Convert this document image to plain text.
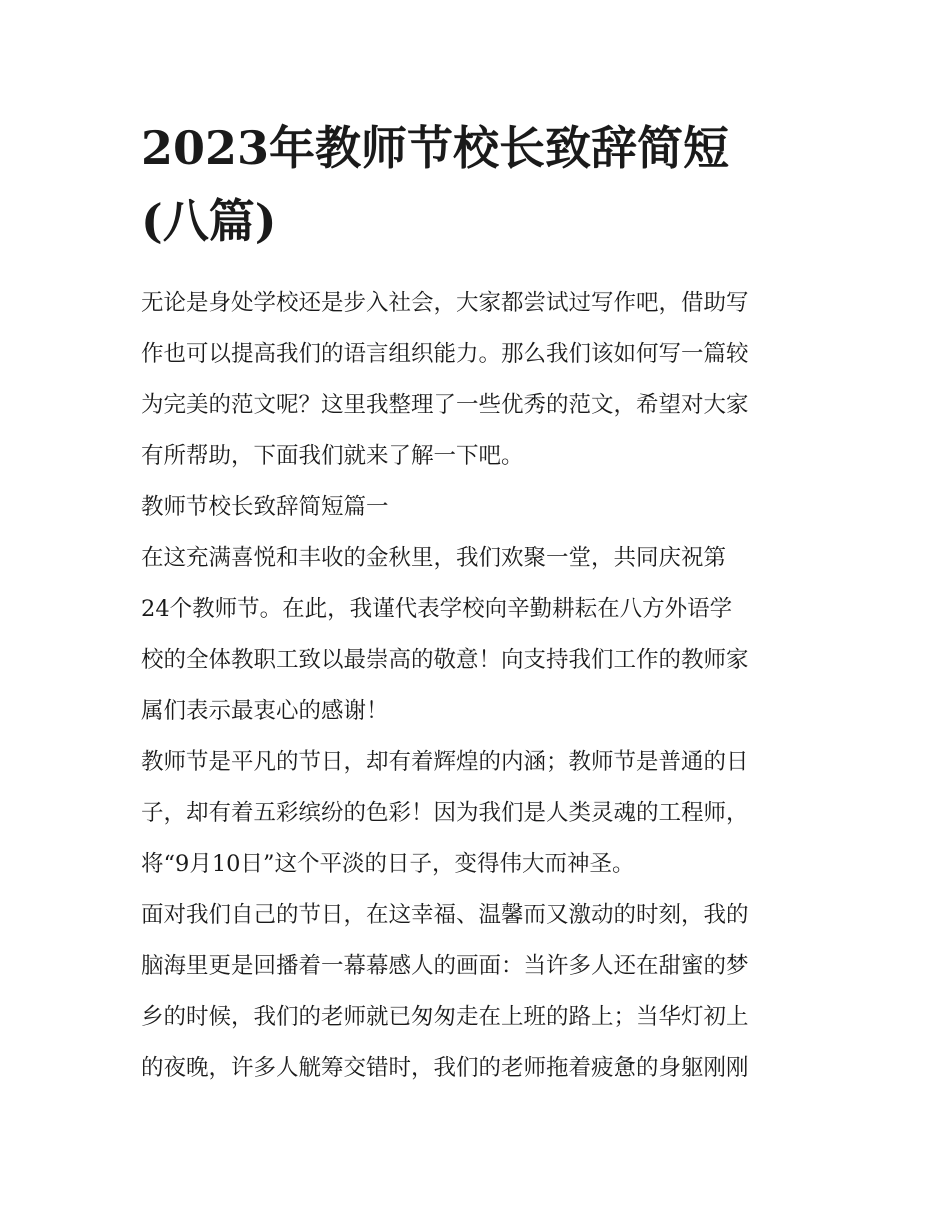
2023年教师节校长致辞简短
(八篇)
无论是身处学校还是步入社会，大家都尝试过写作吧，借助写
作也可以提高我们的语言组织能力。那么我们该如何写一篇较
为完美的范文呢？这里我整理了一些优秀的范文，希望对大家
有所帮助，下面我们就来了解一下吧。
教师节校长致辞简短篇一
在这充满喜悦和丰收的金秋里，我们欢聚一堂，共同庆祝第
24个教师节。在此，我谨代表学校向辛勤耕耘在八方外语学
校的全体教职工致以最崇高的敬意！向支持我们工作的教师家
属们表示最衷心的感谢！
教师节是平凡的节日，却有着辉煌的内涵；教师节是普通的日
子，却有着五彩缤纷的色彩！因为我们是人类灵魂的工程师，
将“9月10日”这个平淡的日子，变得伟大而神圣。
面对我们自己的节日，在这幸福、温馨而又激动的时刻，我的
脑海里更是回播着一幕幕感人的画面：当许多人还在甜蜜的梦
乡的时候，我们的老师就已匆匆走在上班的路上；当华灯初上
的夜晚，许多人觥筹交错时，我们的老师拖着疲惫的身躯刚刚
